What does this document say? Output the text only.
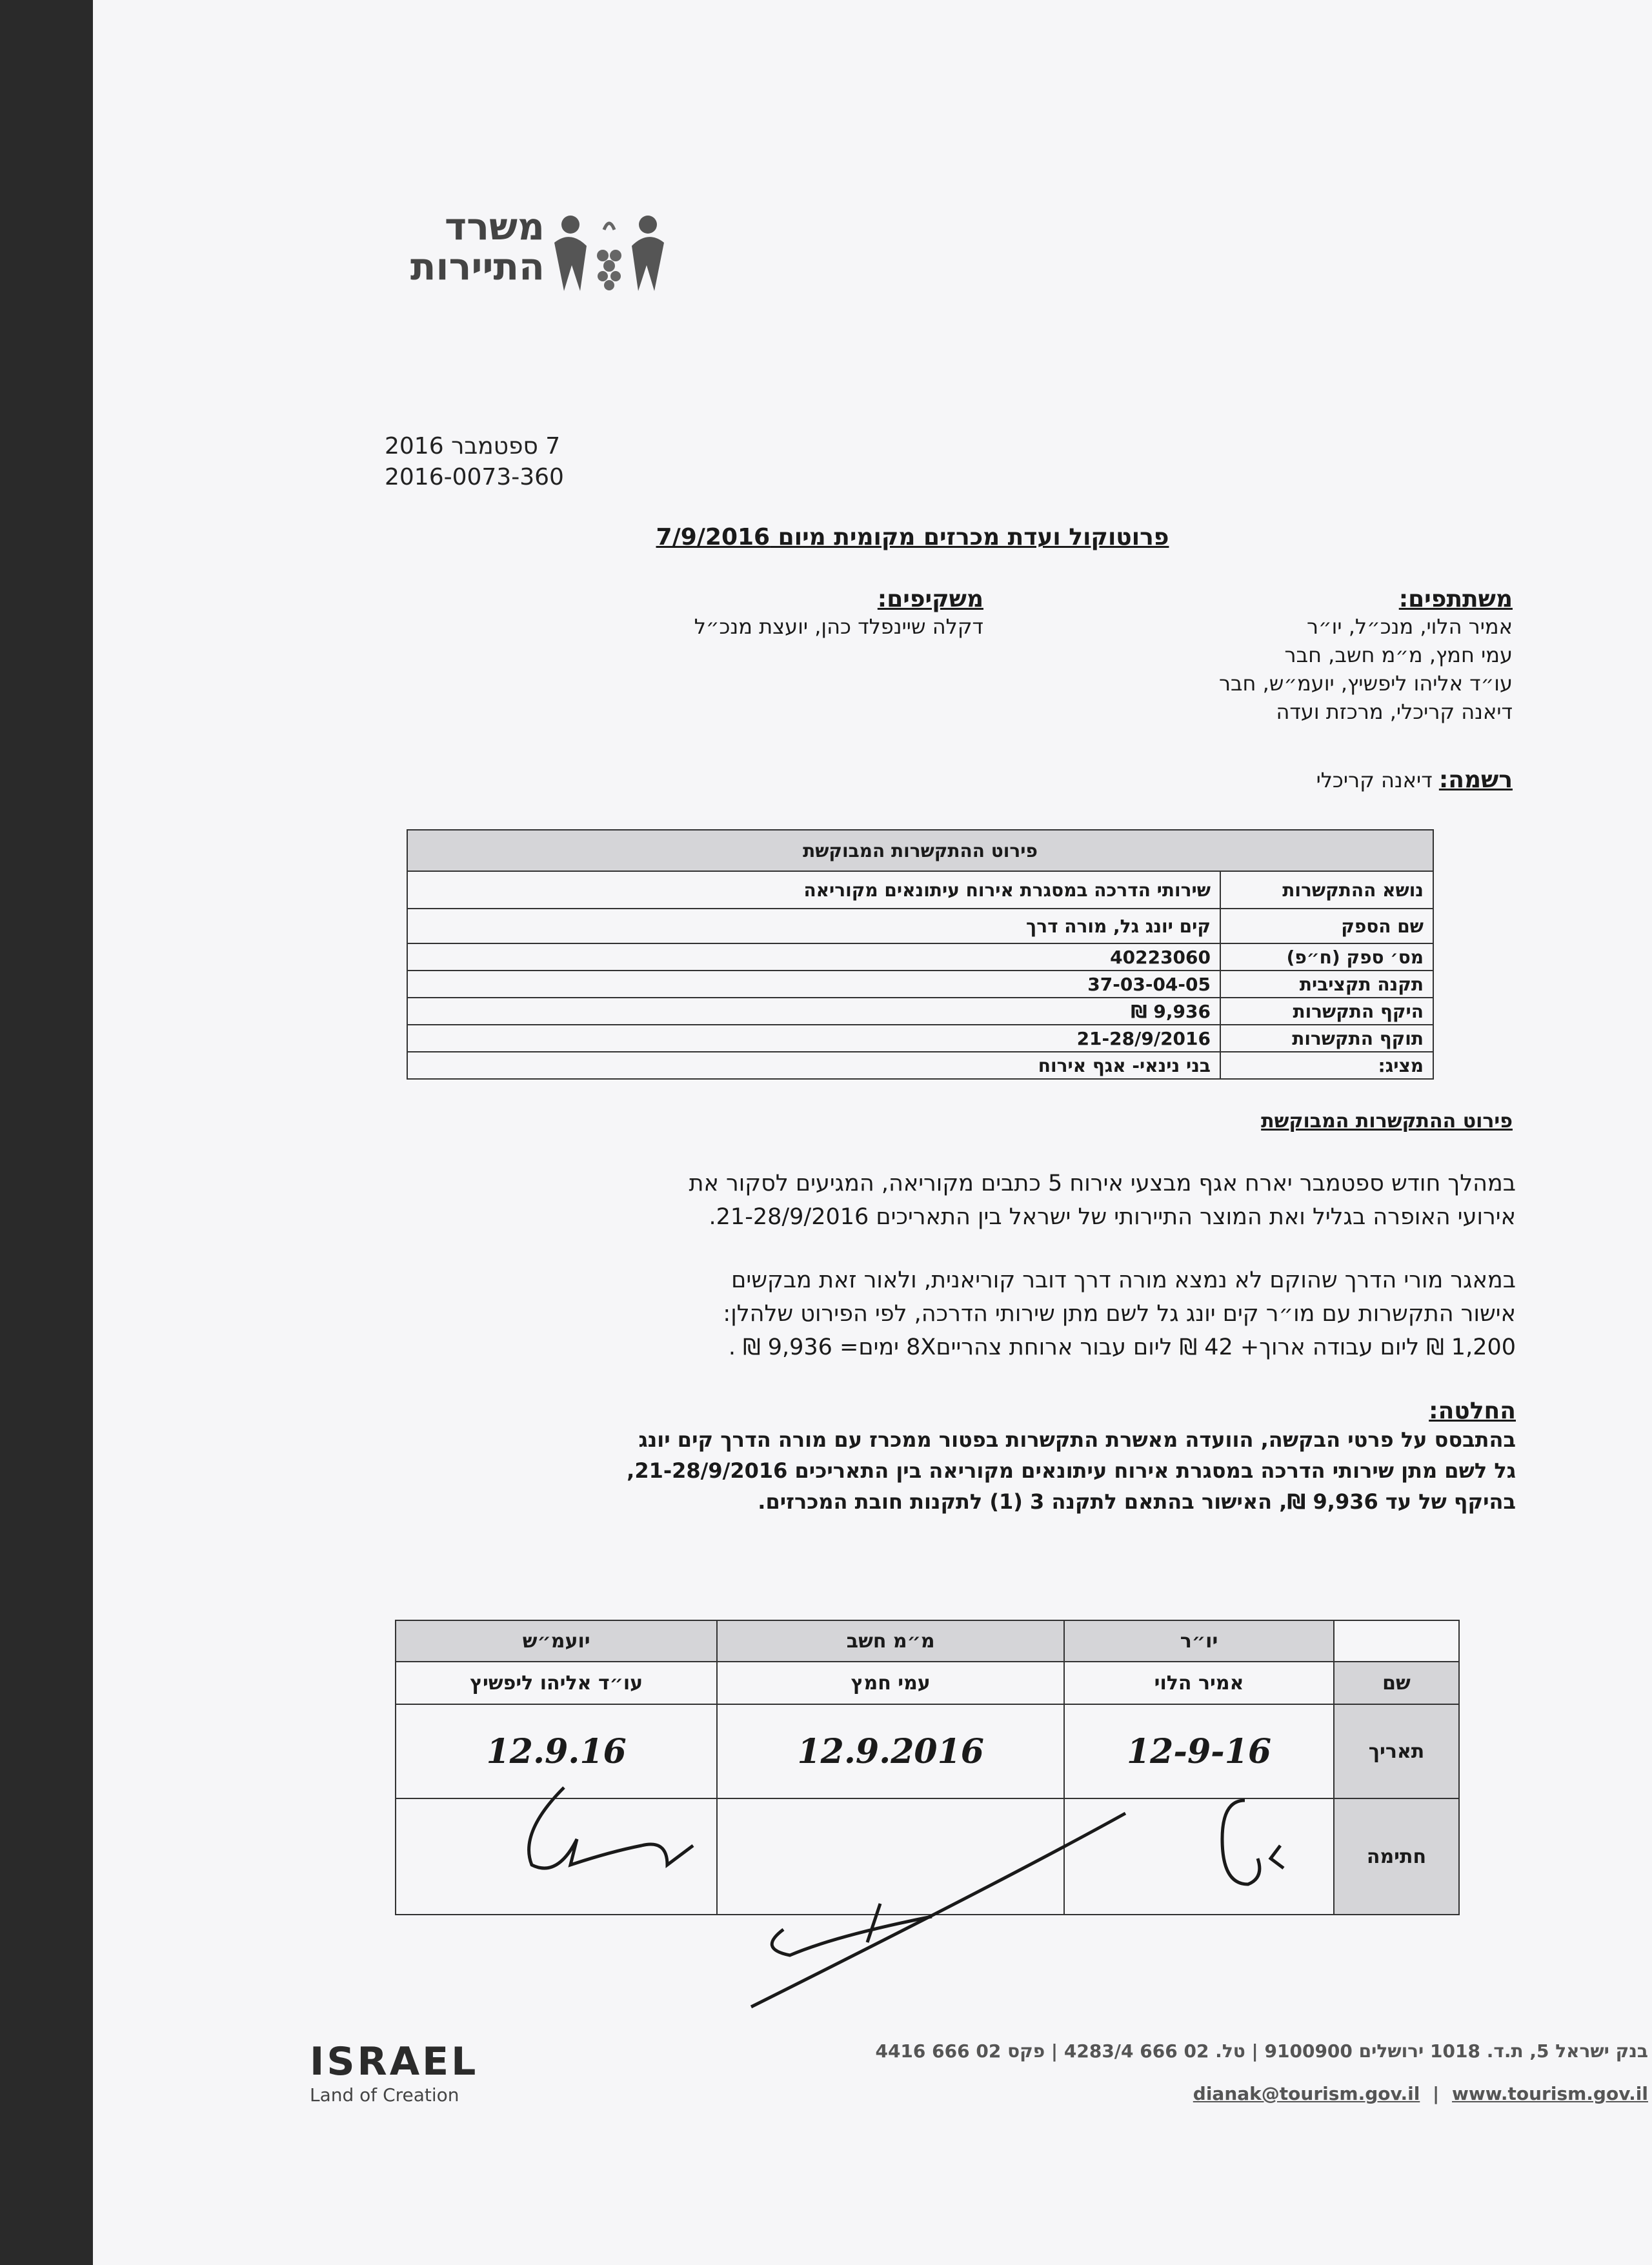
משרד
התיירות
7 ספטמבר 2016
2016-0073-360
פרוטוקול ועדת מכרזים מקומית מיום 7/9/2016
משתתפים:
אמיר הלוי, מנכ״ל, יו״ר
עמי חמץ, מ״מ חשב, חבר
עו״ד אליהו ליפשיץ, יועמ״ש, חבר
דיאנה קריכלי, מרכזת ועדה
משקיפים:
דקלה שיינפלד כהן, יועצת מנכ״ל
רשמה: דיאנה קריכלי
פירוט ההתקשרות המבוקשת	
נושא ההתקשרות	שירותי הדרכה במסגרת אירוח עיתונאים מקוריאה
שם הספק	קים יונג גל, מורה דרך
מס׳ ספק (ח״פ)	40223060
תקנה תקציבית	37-03-04-05
היקף התקשרות	9,936 ₪
תוקף התקשרות	21-28/9/2016
מציג:	בני נינאי- אגף אירוח
פירוט ההתקשרות המבוקשת
במהלך חודש ספטמבר יארח אגף מבצעי אירוח 5 כתבים מקוריאה, המגיעים לסקור את
אירועי האופרה בגליל ואת המוצר התיירותי של ישראל בין התאריכים 21-28/9/2016.
במאגר מורי הדרך שהוקם לא נמצא מורה דרך דובר קוריאנית, ולאור זאת מבקשים
אישור התקשרות עם מו״ר קים יונג גל לשם מתן שירותי הדרכה, לפי הפירוט שלהלן:
1,200 ₪ ליום עבודה ארוך+ 42 ₪ ליום עבור ארוחת צהריים8X ימים= 9,936 ₪ .
החלטה:
בהתבסס על פרטי הבקשה, הוועדה מאשרת התקשרות בפטור ממכרז עם מורה הדרך קים יונג
גל לשם מתן שירותי הדרכה במסגרת אירוח עיתונאים מקוריאה בין התאריכים 21-28/9/2016,
בהיקף של עד 9,936 ₪, האישור בהתאם לתקנה 3 (1) לתקנות חובת המכרזים.
	יו״ר	מ״מ חשב	יועמ״ש
שם	אמיר הלוי	עמי חמץ	עו״ד אליהו ליפשיץ
תאריך	12-9-16	12.9.2016	12.9.16
חתימה			
ISRAEL
Land of Creation
בנק ישראל 5, ת.ד. 1018 ירושלים 9100900 | טל. 02 666 4283/4 | פקס 02 666 4416
dianak@tourism.gov.il | www.tourism.gov.il
